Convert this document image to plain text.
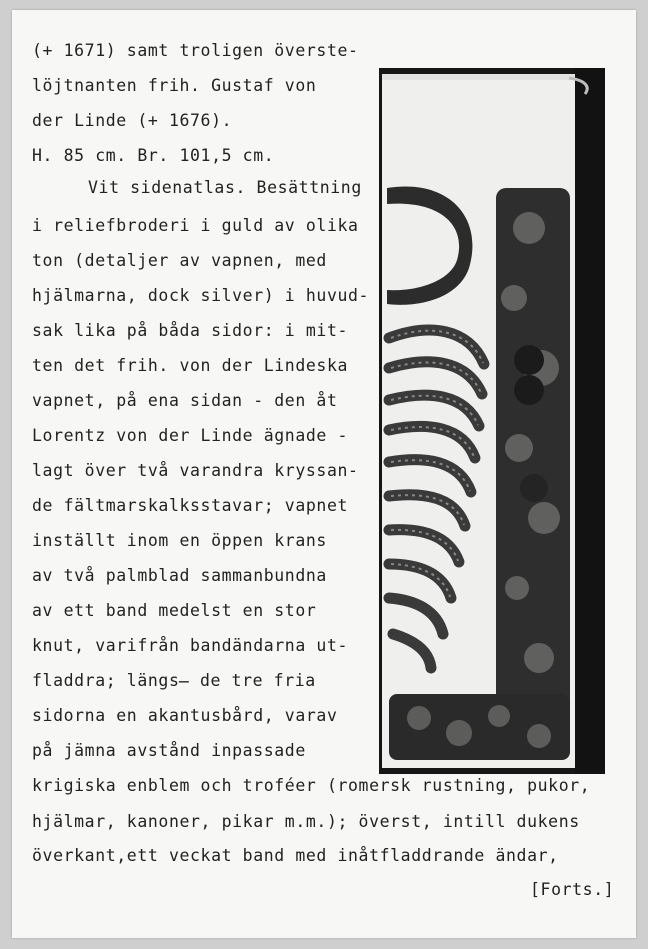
(+ 1671) samt troligen överste-
löjtnanten frih. Gustaf von
der Linde (+ 1676).
H. 85 cm. Br. 101,5 cm.
Vit sidenatlas. Besättning
i reliefbroderi i guld av olika
ton (detaljer av vapnen, med
hjälmarna, dock silver) i huvud-
sak lika på båda sidor: i mit-
ten det frih. von der Lindeska
vapnet, på ena sidan - den åt
Lorentz von der Linde ägnade -
lagt över två varandra kryssan-
de fältmarskalksstavar; vapnet
inställt inom en öppen krans
av två palmblad sammanbundna
av ett band medelst en stor
knut, varifrån bandändarna ut-
fladdra; längs̶ de tre fria
sidorna en akantusbård, varav
på jämna avstånd inpassade
krigiska enblem och troféer (romersk rustning, pukor,
hjälmar, kanoner, pikar m.m.); överst, intill dukens
överkant,ett veckat band med inåtfladdrande ändar,
[Forts.]
